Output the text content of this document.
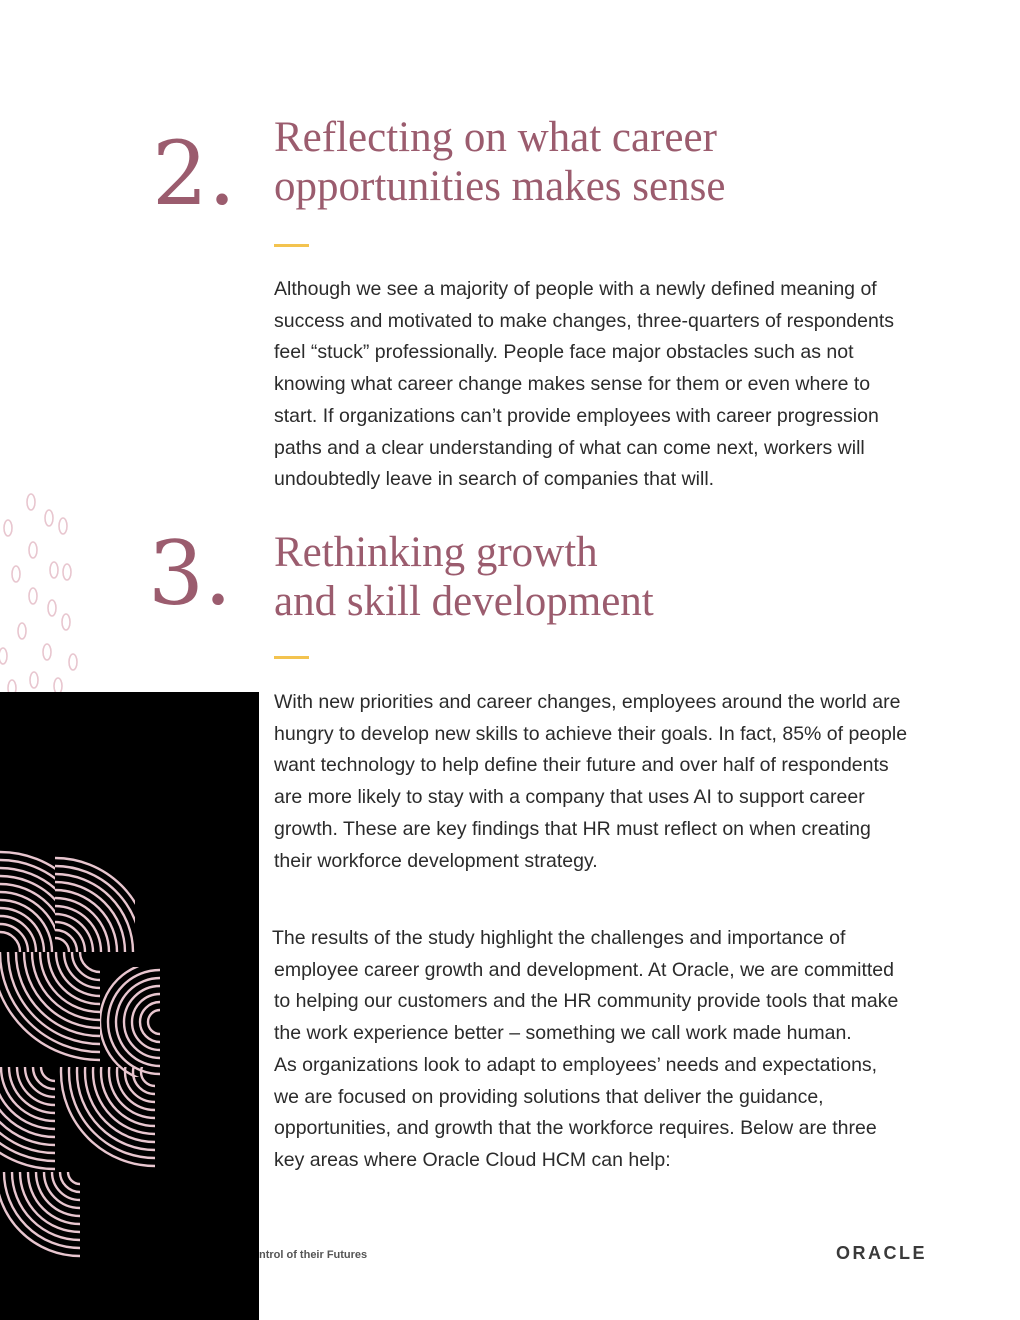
2. Reflecting on what career
opportunities makes sense
Although we see a majority of people with a newly defined meaning of
success and motivated to make changes, three-quarters of respondents
feel “stuck” professionally. People face major obstacles such as not
knowing what career change makes sense for them or even where to
start. If organizations can’t provide employees with career progression
paths and a clear understanding of what can come next, workers will
undoubtedly leave in search of companies that will.
3. Rethinking growth
and skill development
With new priorities and career changes, employees around the world are
hungry to develop new skills to achieve their goals. In fact, 85% of people
want technology to help define their future and over half of respondents
are more likely to stay with a company that uses AI to support career
growth. These are key findings that HR must reflect on when creating
their workforce development strategy.
The results of the study highlight the challenges and importance of
employee career growth and development. At Oracle, we are committed
to helping our customers and the HR community provide tools that make
the work experience better – something we call work made human.
As organizations look to adapt to employees’ needs and expectations,
we are focused on providing solutions that deliver the guidance,
opportunities, and growth that the workforce requires. Below are three
key areas where Oracle Cloud HCM can help:
ntrol of their Futures	ORACLE
